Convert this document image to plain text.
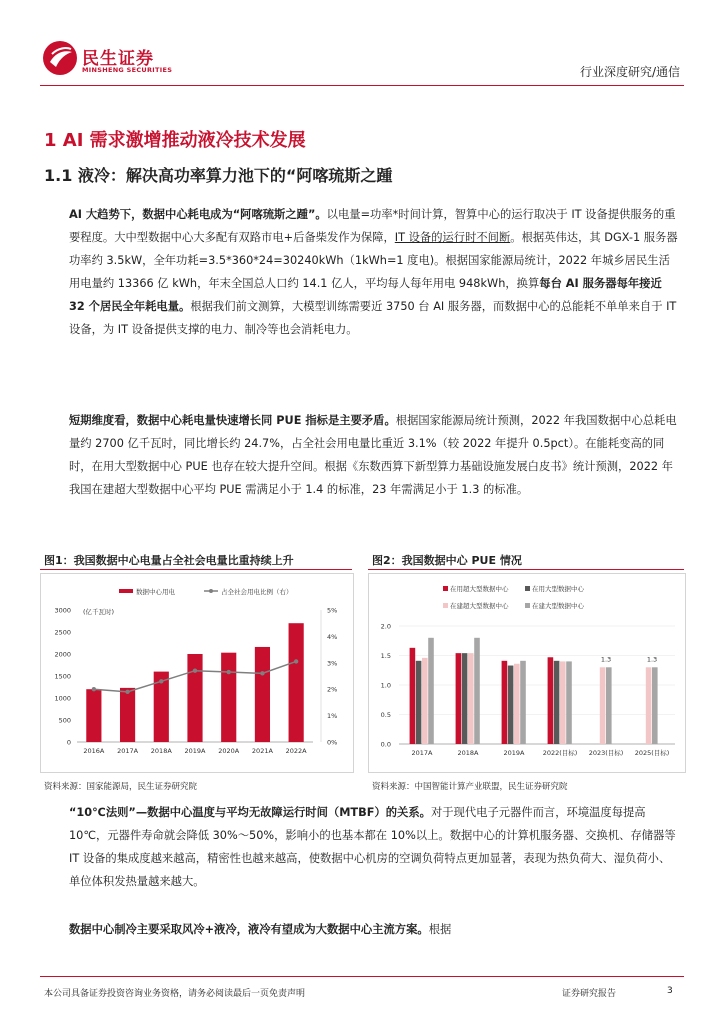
民生证券
MINSHENG SECURITIES	行业深度研究/通信
1 AI 需求激增推动液冷技术发展
1.1 液冷：解决高功率算力池下的“阿喀琉斯之踵

AI 大趋势下，数据中心耗电成为“阿喀琉斯之踵”。以电量=功率*时间计算，智算中心的运行取决于 IT 设备提供服务的重要程度。大中型数据中心大多配有双路市电+后备柴发作为保障，IT 设备的运行时不间断。根据英伟达，其 DGX-1 服务器功率约 3.5kW，全年功耗=3.5*360*24=30240kWh（1kWh=1 度电)。根据国家能源局统计，2022 年城乡居民生活用电量约 13366 亿 kWh，年末全国总人口约 14.1 亿人，平均每人每年用电 948kWh，换算每台 AI 服务器每年接近 32 个居民全年耗电量。根据我们前文测算，大模型训练需要近 3750 台 AI 服务器，而数据中心的总能耗不单单来自于 IT 设备，为 IT 设备提供支撑的电力、制冷等也会消耗电力。

短期维度看，数据中心耗电量快速增长同 PUE 指标是主要矛盾。根据国家能源局统计预测，2022 年我国数据中心总耗电量约 2700 亿千瓦时，同比增长约 24.7%，占全社会用电量比重近 3.1%（较 2022 年提升 0.5pct）。在能耗变高的同时，在用大型数据中心 PUE 也存在较大提升空间。根据《东数西算下新型算力基础设施发展白皮书》统计预测，2022 年我国在建超大型数据中心平均 PUE 需满足小于 1.4 的标准，23 年需满足小于 1.3 的标准。

图1：我国数据中心电量占全社会电量比重持续上升
数据中心用电	占全社会用电比例（右）
(亿千瓦时)
0
500
1000
1500
2000
2500
3000
0%
1%
2%
3%
4%
5%
2016A 2017A 2018A 2019A 2020A 2021A 2022A
资料来源：国家能源局，民生证券研究院
图2：我国数据中心 PUE 情况
在用超大型数据中心	在用大型数据中心
在建超大型数据中心	在建大型数据中心
0.0
0.5
1.0
1.5
2.0
2017A	2018A	2019A	2022(目标)
1.3
2023(目标)
1.3
2025(目标)
资料来源：中国智能计算产业联盟，民生证券研究院

“10℃法则”—数据中心温度与平均无故障运行时间（MTBF）的关系。对于现代电子元器件而言，环境温度每提高 10℃，元器件寿命就会降低 30%～50%，影响小的也基本都在 10%以上。数据中心的计算机服务器、交换机、存储器等 IT 设备的集成度越来越高，精密性也越来越高，使数据中心机房的空调负荷特点更加显著，表现为热负荷大、湿负荷小、单位体积发热量越来越大。

数据中心制冷主要采取风冷+液冷，液冷有望成为大数据中心主流方案。根据

本公司具备证券投资咨询业务资格，请务必阅读最后一页免责声明	证券研究报告	3
